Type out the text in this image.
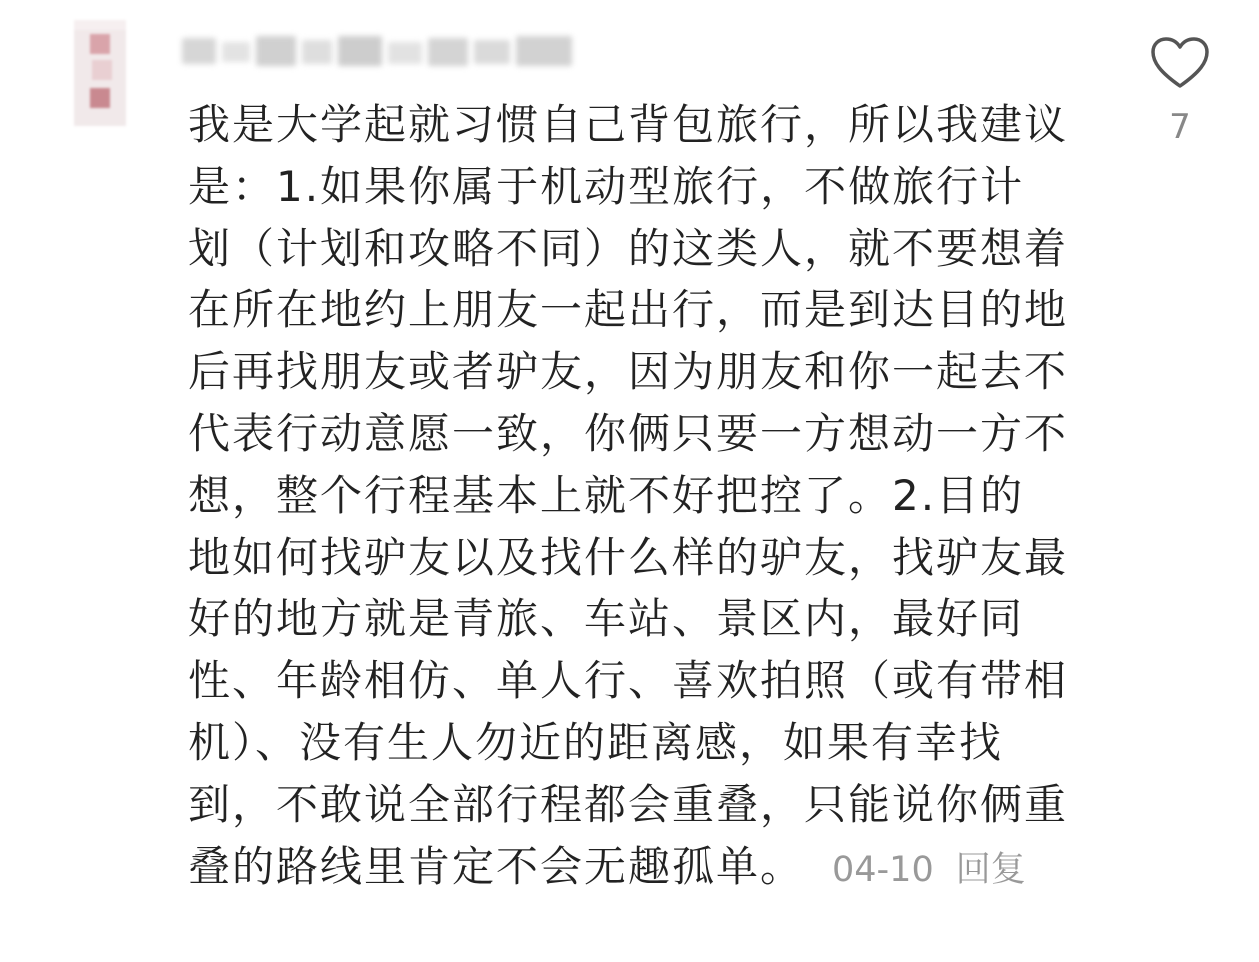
我是大学起就习惯自己背包旅行，所以我建议是：1.如果你属于机动型旅行，不做旅行计划（计划和攻略不同）的这类人，就不要想着在所在地约上朋友一起出行，而是到达目的地后再找朋友或者驴友，因为朋友和你一起去不代表行动意愿一致，你俩只要一方想动一方不想，整个行程基本上就不好把控了。2.目的地如何找驴友以及找什么样的驴友，找驴友最好的地方就是青旅、车站、景区内，最好同性、年龄相仿、单人行、喜欢拍照（或有带相机）、没有生人勿近的距离感，如果有幸找到，不敢说全部行程都会重叠，只能说你俩重叠的路线里肯定不会无趣孤单。 04-10 回复
7
